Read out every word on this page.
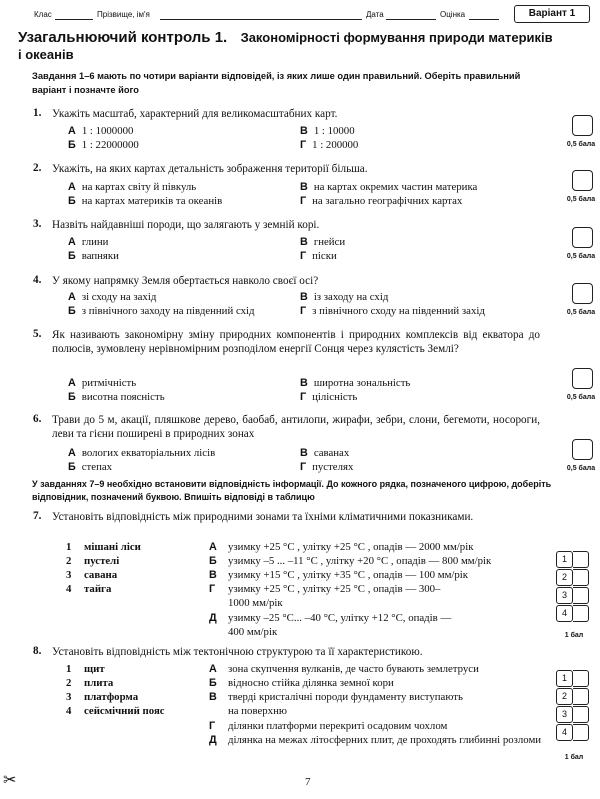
Клас	Прізвище, ім'я	Дата	Оцінка	Варіант 1
Узагальнюючий контроль 1. Закономірності формування природи материків і океанів
Завдання 1–6 мають по чотири варіанти відповідей, із яких лише один правильний. Оберіть правильний варіант і позначте його
1. Укажіть масштаб, характерний для великомасштабних карт.
А 1 : 1000000	В 1 : 10000
Б 1 : 22000000	Г 1 : 200000	0,5 бала
2. Укажіть, на яких картах детальність зображення території більша.
А на картах світу й півкуль	В на картах окремих частин материка
Б на картах материків та океанів	Г на загально географічних картах	0,5 бала
3. Назвіть найдавніші породи, що залягають у земній корі.
А глини	В гнейси
Б вапняки	Г піски	0,5 бала
4. У якому напрямку Земля обертається навколо своєї осі?
А зі сходу на захід	В із заходу на схід
Б з північного заходу на південний схід	Г з північного сходу на південний захід	0,5 бала
5. Як називають закономірну зміну природних компонентів і природних комплексів від екватора до полюсів, зумовлену нерівномірним розподілом енергії Сонця через кулястість Землі?
А ритмічність	В широтна зональність
Б висотна поясність	Г цілісність	0,5 бала
6. Трави до 5 м, акації, пляшкове дерево, баобаб, антилопи, жирафи, зебри, слони, бегемоти, носороги, леви та гієни поширені в природних зонах
А вологих екваторіальних лісів	В саванах
Б степах	Г пустелях	0,5 бала
У завданнях 7–9 необхідно встановити відповідність інформації. До кожного рядка, позначеного цифрою, доберіть відповідник, позначений буквою. Впишіть відповіді в таблицю
7. Установіть відповідність між природними зонами та їхніми кліматичними показниками.
1 мішані ліси
2 пустелі
3 савана
4 тайга
А узимку +25 °С , улітку +25 °С , опадів — 2000 мм/рік
Б узимку –5 ... –11 °С , улітку +20 °С , опадів — 800 мм/рік
В узимку +15 °С , улітку +35 °С , опадів — 100 мм/рік
Г узимку +25 °С , улітку +25 °С , опадів — 300–
1000 мм/рік
Д узимку –25 °С... –40 °С, улітку +12 °С, опадів —
400 мм/рік
1
2
3
4
1 бал
8. Установіть відповідність між тектонічною структурою та її характеристикою.
1 щит
2 плита
3 платформа
4 сейсмічний пояс
А зона скупчення вулканів, де часто бувають землетруси
Б відносно стійка ділянка земної кори
В тверді кристалічні породи фундаменту виступають
на поверхню
Г ділянки платформи перекриті осадовим чохлом
Д ділянка на межах літосферних плит, де проходять глибинні розломи
1
2
3
4
1 бал
7
✂
